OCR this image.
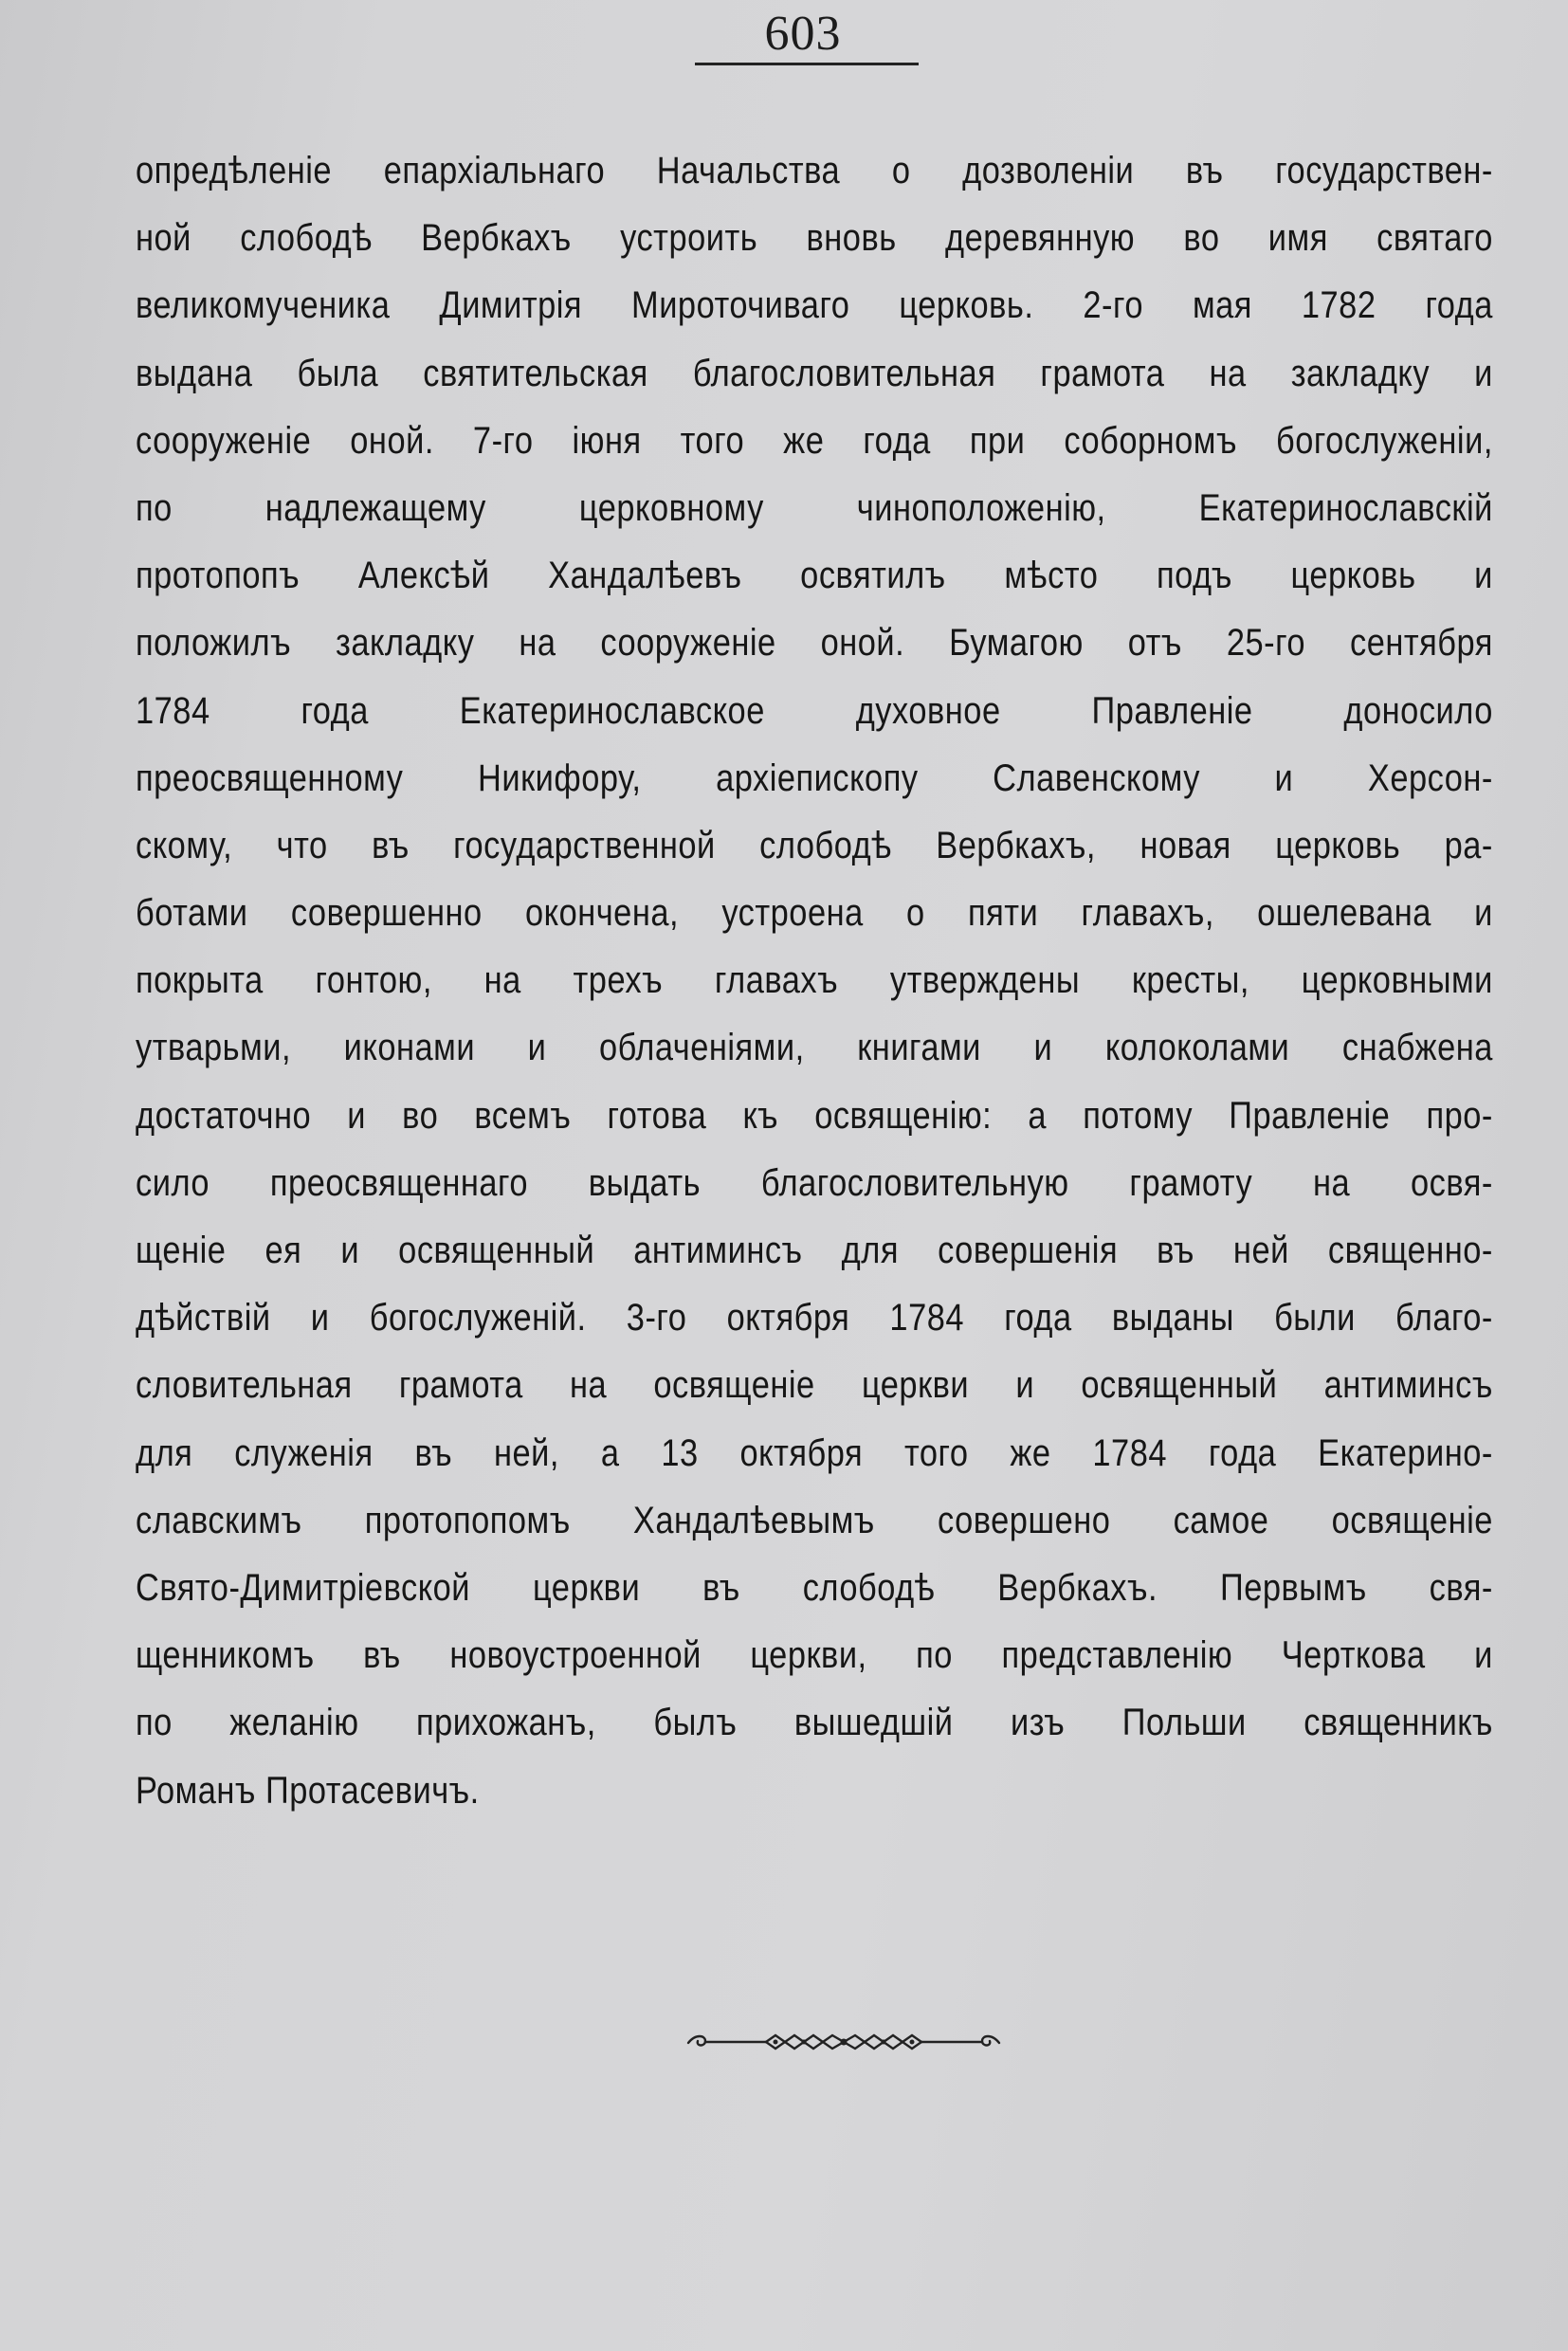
603
опредѣленіе епархіальнаго Начальства о дозволеніи въ государствен-
ной слободѣ Вербкахъ устроить вновь деревянную во имя святаго
великомученика Димитрія Мироточиваго церковь. 2-го мая 1782 года
выдана была святительская благословительная грамота на закладку и
сооруженіе оной. 7-го іюня того же года при соборномъ богослуженіи,
по надлежащему церковному чиноположенію, Екатеринославскій
протопопъ Алексѣй Хандалѣевъ освятилъ мѣсто подъ церковь и
положилъ закладку на сооруженіе оной. Бумагою отъ 25-го сентября
1784 года Екатеринославское духовное Правленіе доносило
преосвященному Никифору, архіепископу Славенскому и Херсон-
скому, что въ государственной слободѣ Вербкахъ, новая церковь ра-
ботами совершенно окончена, устроена о пяти главахъ, ошелевана и
покрыта гонтою, на трехъ главахъ утверждены кресты, церковными
утварьми, иконами и облаченіями, книгами и колоколами снабжена
достаточно и во всемъ готова къ освященію: а потому Правленіе про-
сило преосвященнаго выдать благословительную грамоту на освя-
щеніе ея и освященный антиминсъ для совершенія въ ней священно-
дѣйствій и богослуженій. 3-го октября 1784 года выданы были благо-
словительная грамота на освященіе церкви и освященный антиминсъ
для служенія въ ней, а 13 октября того же 1784 года Екатерино-
славскимъ протопопомъ Хандалѣевымъ совершено самое освященіе
Свято-Димитріевской церкви въ слободѣ Вербкахъ. Первымъ свя-
щенникомъ въ новоустроенной церкви, по представленію Черткова и
по желанію прихожанъ, былъ вышедшій изъ Польши священникъ
Романъ Протасевичъ.
